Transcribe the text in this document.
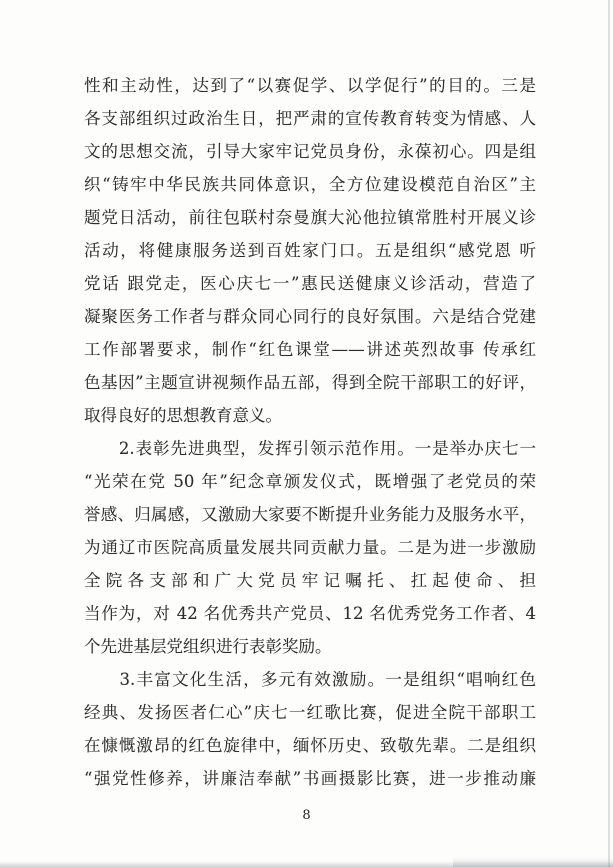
性和主动性，达到了“以赛促学、以学促行”的目的。三是
各支部组织过政治生日，把严肃的宣传教育转变为情感、人
文的思想交流，引导大家牢记党员身份，永葆初心。四是组
织“铸牢中华民族共同体意识，全方位建设模范自治区”主
题党日活动，前往包联村奈曼旗大沁他拉镇常胜村开展义诊
活动，将健康服务送到百姓家门口。五是组织“感党恩 听
党话 跟党走，医心庆七一”惠民送健康义诊活动，营造了
凝聚医务工作者与群众同心同行的良好氛围。六是结合党建
工作部署要求，制作“红色课堂——讲述英烈故事 传承红
色基因”主题宣讲视频作品五部，得到全院干部职工的好评，
取得良好的思想教育意义。
　　2.表彰先进典型，发挥引领示范作用。一是举办庆七一
“光荣在党 50 年”纪念章颁发仪式，既增强了老党员的荣
誉感、归属感，又激励大家要不断提升业务能力及服务水平，
为通辽市医院高质量发展共同贡献力量。二是为进一步激励
全院各支部和广大党员牢记嘱托、扛起使命、担
当作为，对 42 名优秀共产党员、12 名优秀党务工作者、4
个先进基层党组织进行表彰奖励。
　　3.丰富文化生活，多元有效激励。一是组织“唱响红色
经典、发扬医者仁心”庆七一红歌比赛，促进全院干部职工
在慷慨激昂的红色旋律中，缅怀历史、致敬先辈。二是组织
“强党性修养，讲廉洁奉献”书画摄影比赛，进一步推动廉
8
